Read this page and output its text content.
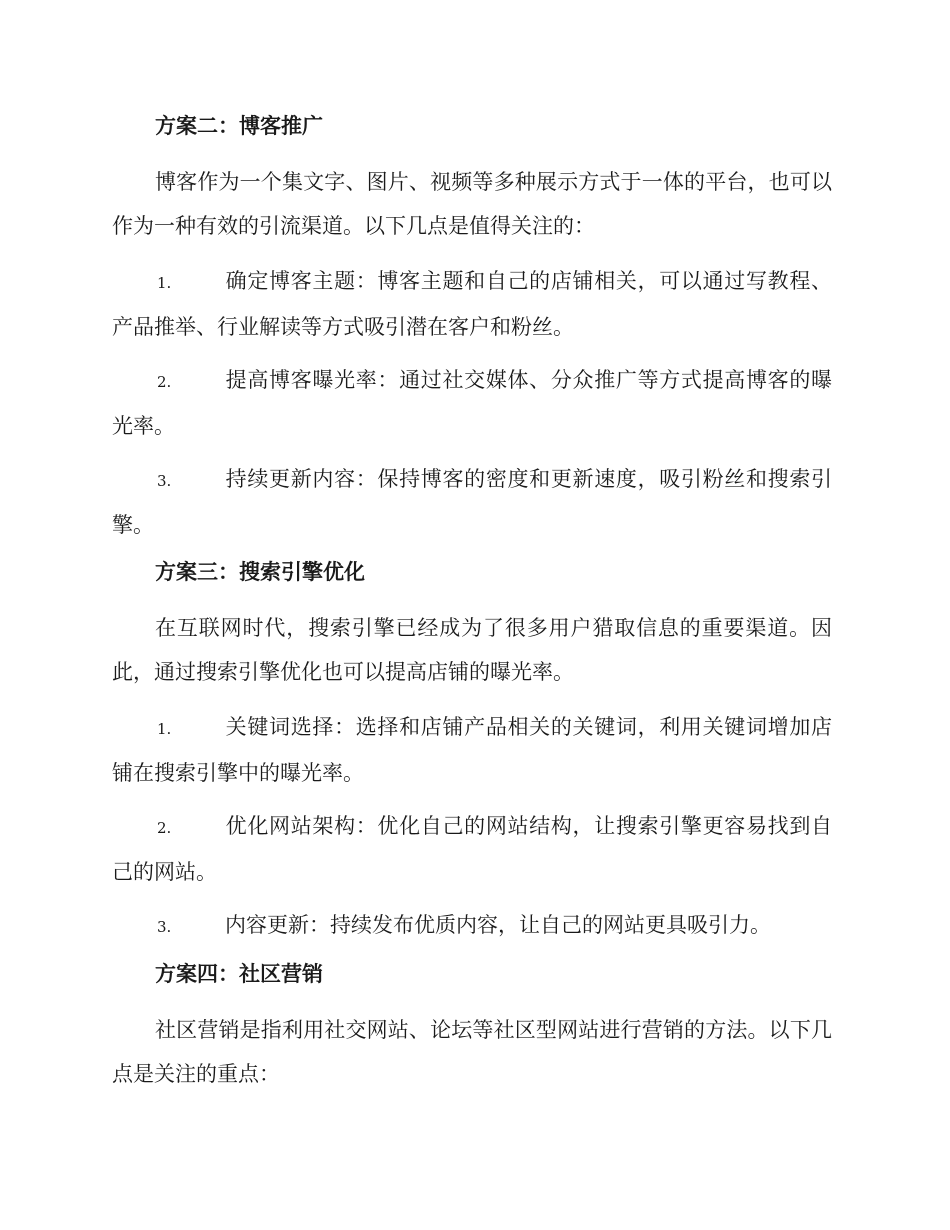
方案二：博客推广

博客作为一个集文字、图片、视频等多种展示方式于一体的平台，也可以作为一种有效的引流渠道。以下几点是值得关注的：

1.	确定博客主题：博客主题和自己的店铺相关，可以通过写教程、产品推举、行业解读等方式吸引潜在客户和粉丝。
2.	提高博客曝光率：通过社交媒体、分众推广等方式提高博客的曝光率。
3.	持续更新内容：保持博客的密度和更新速度，吸引粉丝和搜索引擎。
方案三：搜索引擎优化

在互联网时代，搜索引擎已经成为了很多用户猎取信息的重要渠道。因此，通过搜索引擎优化也可以提高店铺的曝光率。

1.	关键词选择：选择和店铺产品相关的关键词，利用关键词增加店铺在搜索引擎中的曝光率。
2.	优化网站架构：优化自己的网站结构，让搜索引擎更容易找到自己的网站。
3.	内容更新：持续发布优质内容，让自己的网站更具吸引力。
方案四：社区营销

社区营销是指利用社交网站、论坛等社区型网站进行营销的方法。以下几点是关注的重点：
